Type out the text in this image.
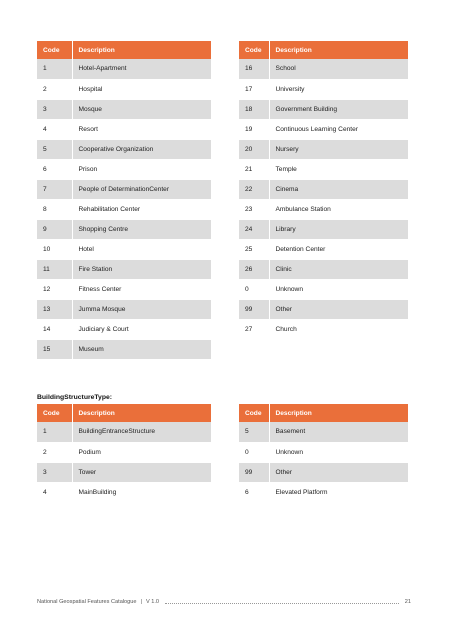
Code	Description
1	Hotel-Apartment
2	Hospital
3	Mosque
4	Resort
5	Cooperative Organization
6	Prison
7	People of DeterminationCenter
8	Rehabilitation Center
9	Shopping Centre
10	Hotel
11	Fire Station
12	Fitness Center
13	Jumma Mosque
14	Judiciary & Court
15	Museum
Code	Description
16	School
17	University
18	Government Building
19	Continuous Learning Center
20	Nursery
21	Temple
22	Cinema
23	Ambulance Station
24	Library
25	Detention Center
26	Clinic
0	Unknown
99	Other
27	Church
BuildingStructureType:
Code	Description
1	BuildingEntranceStructure
2	Podium
3	Tower
4	MainBuilding
Code	Description
5	Basement
0	Unknown
99	Other
6	Elevated Platform
National Geospatial Features Catalogue | V 1.0	21
